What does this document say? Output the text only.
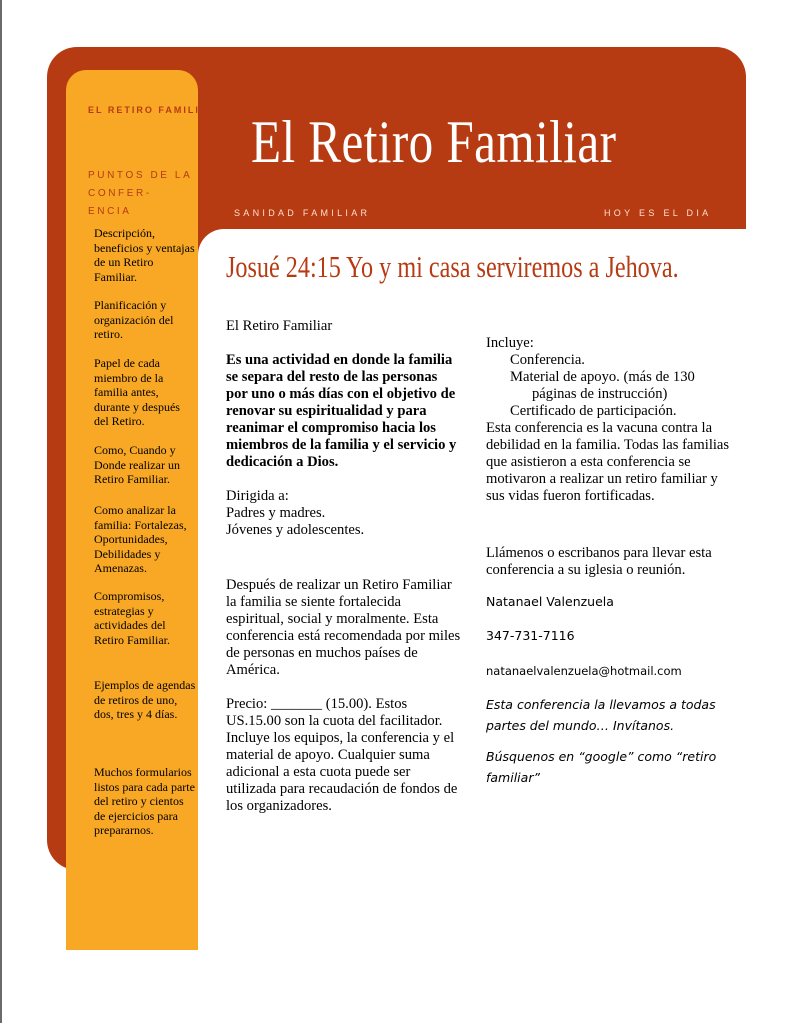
El Retiro Familiar
SANIDAD FAMILIAR	HOY ES EL DIA
EL RETIRO FAMILIAR
PUNTOS DE LA CONFER-ENCIA
Descripción, beneficios y ventajas de un Retiro Familiar.
Planificación y organización del retiro.
Papel de cada miembro de la familia antes, durante y después del Retiro.
Como, Cuando y Donde realizar un Retiro Familiar.
Como analizar la familia: Fortalezas, Oportunidades, Debilidades y Amenazas.
Compromisos, estrategias y actividades del Retiro Familiar.
Ejemplos de agendas de retiros de uno, dos, tres y 4 días.
Muchos formularios listos para cada parte del retiro y cientos de ejercicios para prepararnos.
Josué 24:15 Yo y mi casa serviremos a Jehova.

El Retiro Familiar

Es una actividad en donde la familia se separa del resto de las personas por uno o más días con el objetivo de renovar su espiritualidad y para reanimar el compromiso hacia los miembros de la familia y el servicio y dedicación a Dios.

Dirigida a:

Padres y madres.

Jóvenes y adolescentes.

Después de realizar un Retiro Familiar la familia se siente fortalecida espiritual, social y moralmente. Esta conferencia está recomendada por miles de personas en muchos países de América.

Precio: _______ (15.00). Estos US.15.00 son la cuota del facilitador. Incluye los equipos, la conferencia y el material de apoyo. Cualquier suma adicional a esta cuota puede ser utilizada para recaudación de fondos de los organizadores.

Incluye:

Conferencia.

Material de apoyo. (más de 130

páginas de instrucción)

Certificado de participación.

Esta conferencia es la vacuna contra la debilidad en la familia. Todas las familias que asistieron a esta conferencia se motivaron a realizar un retiro familiar y sus vidas fueron fortificadas.

Llámenos o escribanos para llevar esta conferencia a su iglesia o reunión.

Natanael Valenzuela

347-731-7116

natanaelvalenzuela@hotmail.com

Esta conferencia la llevamos a todas partes del mundo… Invítanos.

Búsquenos en “google” como “retiro familiar”
